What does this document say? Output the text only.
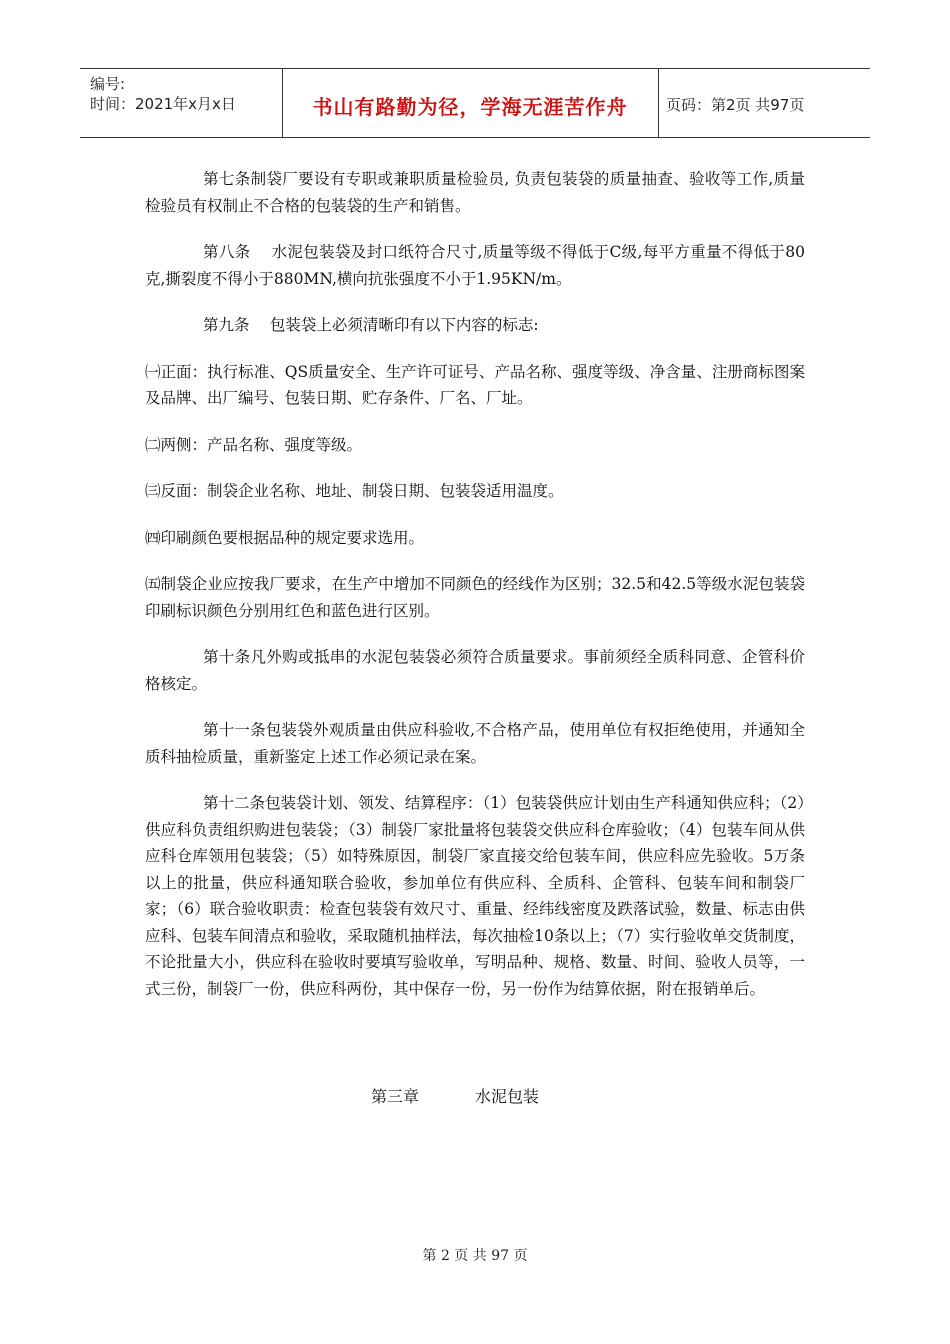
编号:
时间：2021年x月x日	书山有路勤为径，学海无涯苦作舟	页码：第2页 共97页

第七条制袋厂要设有专职或兼职质量检验员, 负责包装袋的质量抽查、验收等工作,质量检验员有权制止不合格的包装袋的生产和销售。

第八条　 水泥包装袋及封口纸符合尺寸,质量等级不得低于C级,每平方重量不得低于80克,撕裂度不得小于880MN,横向抗张强度不小于1.95KN/m。

第九条　 包装袋上必须清晰印有以下内容的标志:

㈠正面：执行标准、QS质量安全、生产许可证号、产品名称、强度等级、净含量、注册商标图案及品牌、出厂编号、包装日期、贮存条件、厂名、厂址。

㈡两侧：产品名称、强度等级。

㈢反面：制袋企业名称、地址、制袋日期、包装袋适用温度。

㈣印刷颜色要根据品种的规定要求选用。

㈤制袋企业应按我厂要求，在生产中增加不同颜色的经线作为区别；32.5和42.5等级水泥包装袋印刷标识颜色分别用红色和蓝色进行区别。

第十条凡外购或抵串的水泥包装袋必须符合质量要求。事前须经全质科同意、企管科价格核定。

第十一条包装袋外观质量由供应科验收,不合格产品，使用单位有权拒绝使用，并通知全质科抽检质量，重新鉴定上述工作必须记录在案。

第十二条包装袋计划、领发、结算程序：（1）包装袋供应计划由生产科通知供应科；（2）供应科负责组织购进包装袋；（3）制袋厂家批量将包装袋交供应科仓库验收；（4）包装车间从供应科仓库领用包装袋；（5）如特殊原因，制袋厂家直接交给包装车间，供应科应先验收。5万条以上的批量，供应科通知联合验收，参加单位有供应科、全质科、企管科、包装车间和制袋厂家；（6）联合验收职责：检查包装袋有效尺寸、重量、经纬线密度及跌落试验，数量、标志由供应科、包装车间清点和验收，采取随机抽样法，每次抽检10条以上；（7）实行验收单交货制度，不论批量大小，供应科在验收时要填写验收单，写明品种、规格、数量、时间、验收人员等，一式三份，制袋厂一份，供应科两份，其中保存一份，另一份作为结算依据，附在报销单后。

第三章	水泥包装
第 2 页 共 97 页
